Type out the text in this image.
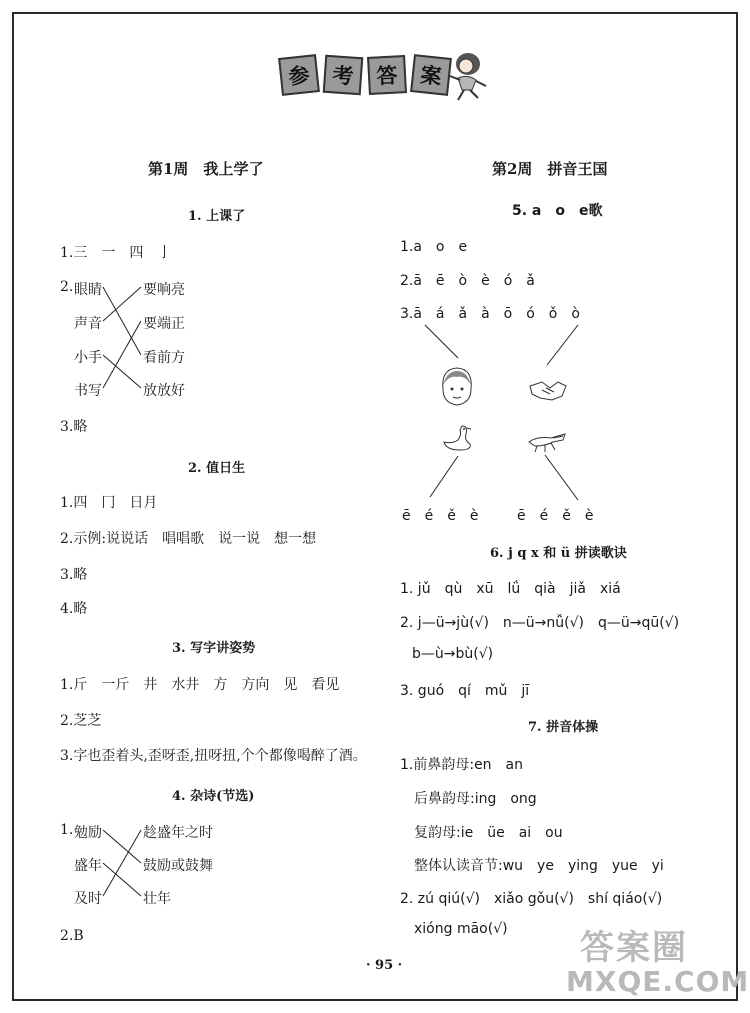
参 考	答	案
第1周　我上学了
1. 上课了
1.三　一　四　亅
2. 眼睛
声音
小手
书写
要响亮
要端正
看前方
放放好
3.略
2. 值日生
1.四　冂　日月
2.示例:说说话　唱唱歌　说一说　想一想
3.略
4.略
3. 写字讲姿势
1.斤　一斤　井　水井　方　方向　见　看见
2.芝芝
3.字也歪着头,歪呀歪,扭呀扭,个个都像喝醉了酒。
4. 杂诗(节选)
1. 勉励
盛年
及时
趁盛年之时
鼓励或鼓舞
壮年
2.B
第2周　拼音王国
5. a　o　e歌
1.a　o　e
2.ā　ē　ò　è　ó　ǎ
3.ā　á　ǎ　à　ō　ó　ǒ　ò
ē　é　ě　è	ē　é　ě　è
6. j q x 和 ü 拼读歌诀
1. jǔ　qù　xū　lǘ　qià　jiǎ　xiá
2. j—ü→jù(√)　n—ü→nǚ(√)　q—ü→qū(√)
b—ù→bù(√)
3. guó　qí　mǔ　jī
7. 拼音体操
1.前鼻韵母:en　an
后鼻韵母:ing　ong
复韵母:ie　üe　ai　ou
整体认读音节:wu　ye　ying　yue　yi
2. zú qiú(√)　xiǎo gǒu(√)　shí qiáo(√)
xióng māo(√)
· 95 ·	答案圈
MXQE.COM
